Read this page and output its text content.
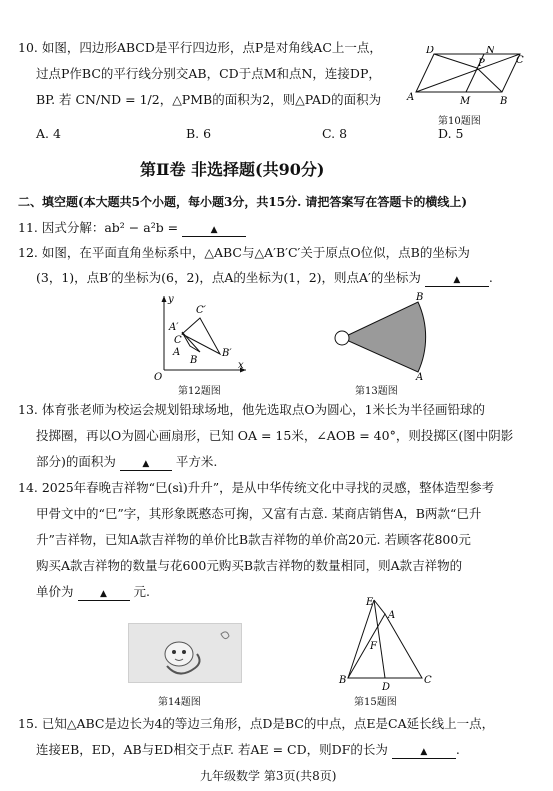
10. 如图，四边形ABCD是平行四边形，点P是对角线AC上一点，
过点P作BC的平行线分别交AB，CD于点M和点N，连接DP，
BP. 若 CN/ND = 1/2，△PMB的面积为2，则△PAD的面积为
A. 4	B. 6	C. 8	D. 5
D	N
C
P
A	M	B
第10题图
第Ⅱ卷 非选择题(共90分)
二、填空题(本大题共5个小题，每小题3分，共15分. 请把答案写在答题卡的横线上)
11. 因式分解：ab² − a²b =	▲
12. 如图，在平面直角坐标系中，△ABC与△A′B′C′关于原点O位似，点B的坐标为
(3，1)，点B′的坐标为(6，2)，点A的坐标为(1，2)，则点A′的坐标为	▲ .
y
C′
A′
C
A
B
B′
O
x
第12题图
B
A
第13题图
13. 体育张老师为校运会规划铅球场地，他先选取点O为圆心，1米长为半径画铅球的
投掷圈，再以O为圆心画扇形，已知 OA = 15米，∠AOB = 40°，则投掷区(图中阴影
部分)的面积为	▲ 平方米.
14. 2025年春晚吉祥物“巳(sì)升升”，是从中华传统文化中寻找的灵感，整体造型参考
甲骨文中的“巳”字，其形象既憨态可掬，又富有古意. 某商店销售A，B两款“巳升
升”吉祥物，已知A款吉祥物的单价比B款吉祥物的单价高20元. 若顾客花800元
购买A款吉祥物的数量与花600元购买B款吉祥物的数量相同，则A款吉祥物的
单价为	▲ 元.
第14题图
E
A
F
B
D
C
第15题图
15. 已知△ABC是边长为4的等边三角形，点D是BC的中点，点E是CA延长线上一点，
连接EB，ED，AB与ED相交于点F. 若AE = CD，则DF的长为	▲ .
九年级数学 第3页(共8页)
